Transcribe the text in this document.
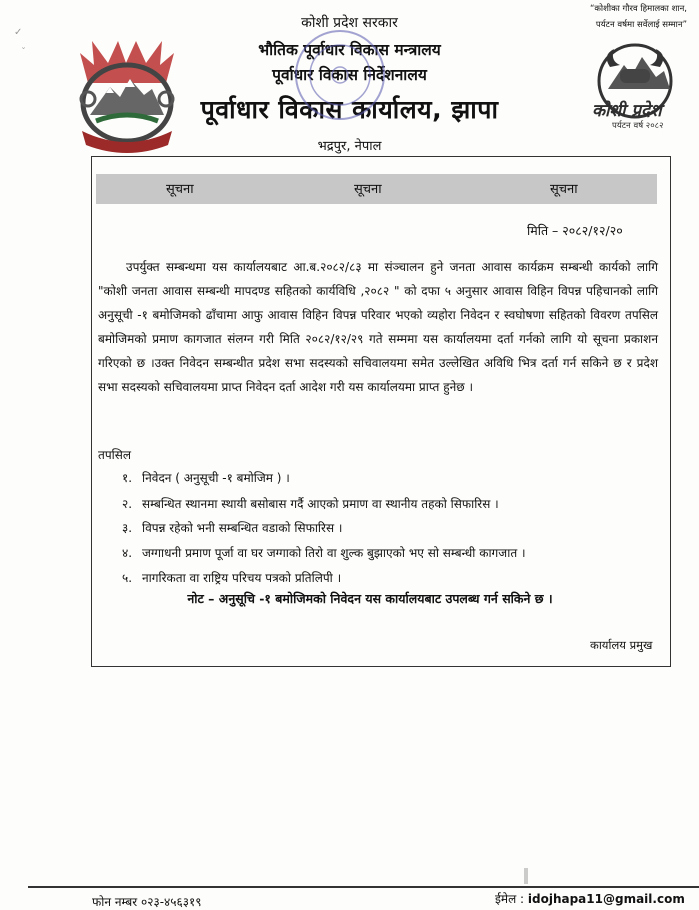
कोशी प्रदेश सरकार
भौतिक पूर्वाधार विकास मन्त्रालय
पूर्वाधार विकास निर्देशनालय
पूर्वाधार विकास कार्यालय, झापा
भद्रपुर, नेपाल
“कोशीका गौरव हिमालका शान,
पर्यटन वर्षमा सर्वेलाई सम्मान”
✓
ˇ
कोशी प्रदेश
पर्यटन वर्ष २०८२
सूचना	सूचना	सूचना
मिति – २०८२/१२/२०
उपर्युक्त सम्बन्धमा यस कार्यालयबाट आ.ब.२०८२/८३ मा संञ्चालन हुने जनता आवास कार्यक्रम सम्बन्धी कार्यको लागि "कोशी जनता आवास सम्बन्धी मापदण्ड सहितको कार्यविधि ,२०८२ " को दफा ५ अनुसार आवास विहिन विपन्न पहिचानको लागि अनुसूची -१ बमोजिमको ढाँचामा आफु आवास विहिन विपन्न परिवार भएको व्यहोरा निवेदन र स्वघोषणा सहितको विवरण तपसिल बमोजिमको प्रमाण कागजात संलग्न गरी मिति २०८२/१२/२९ गते सम्ममा यस कार्यालयमा दर्ता गर्नको लागि यो सूचना प्रकाशन गरिएको छ ।उक्त निवेदन सम्बन्धीत प्रदेश सभा सदस्यको सचिवालयमा समेत उल्लेखित अविधि भित्र दर्ता गर्न सकिने छ र प्रदेश सभा सदस्यको सचिवालयमा प्राप्त निवेदन दर्ता आदेश गरी यस कार्यालयमा प्राप्त हुनेछ ।
तपसिल
१. निवेदन ( अनुसूची -१ बमोजिम ) ।
२. सम्बन्धित स्थानमा स्थायी बसोबास गर्दै आएको प्रमाण वा स्थानीय तहको सिफारिस ।
३. विपन्न रहेको भनी सम्बन्धित वडाको सिफारिस ।
४. जग्गाधनी प्रमाण पूर्जा वा घर जग्गाको तिरो वा शुल्क बुझाएको भए सो सम्बन्धी कागजात ।
५. नागरिकता वा राष्ट्रिय परिचय पत्रको प्रतिलिपी ।
नोट – अनुसूचि -१ बमोजिमको निवेदन यस कार्यालयबाट उपलब्ध गर्न सकिने छ ।
कार्यालय प्रमुख
फोन नम्बर ०२३-४५६३१९	ईमेल : idojhapa11@gmail.com
